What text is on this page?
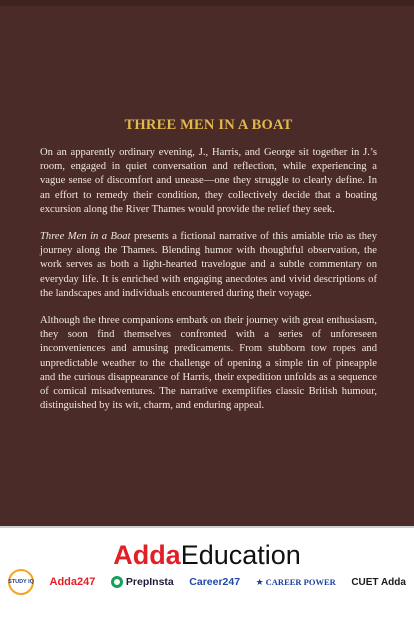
THREE MEN IN A BOAT

On an apparently ordinary evening, J., Harris, and George sit together in J.’s room, engaged in quiet conversation and reflection, while experiencing a vague sense of discomfort and unease—one they struggle to clearly define. In an effort to remedy their condition, they collectively decide that a boating excursion along the River Thames would provide the relief they seek.

Three Men in a Boat presents a fictional narrative of this amiable trio as they journey along the Thames. Blending humor with thoughtful observation, the work serves as both a light-hearted travelogue and a subtle commentary on everyday life. It is enriched with engaging anecdotes and vivid descriptions of the landscapes and individuals encountered during their voyage.

Although the three companions embark on their journey with great enthusiasm, they soon find themselves confronted with a series of unforeseen inconveniences and amusing predicaments. From stubborn tow ropes and unpredictable weather to the challenge of opening a simple tin of pineapple and the curious disappearance of Harris, their expedition unfolds as a sequence of comical misadventures. The narrative exemplifies classic British humour, distinguished by its wit, charm, and enduring appeal.

AddaEducation
STUDY IQ Adda247	PrepInsta Career247 ★ CAREER POWER CUET Adda
